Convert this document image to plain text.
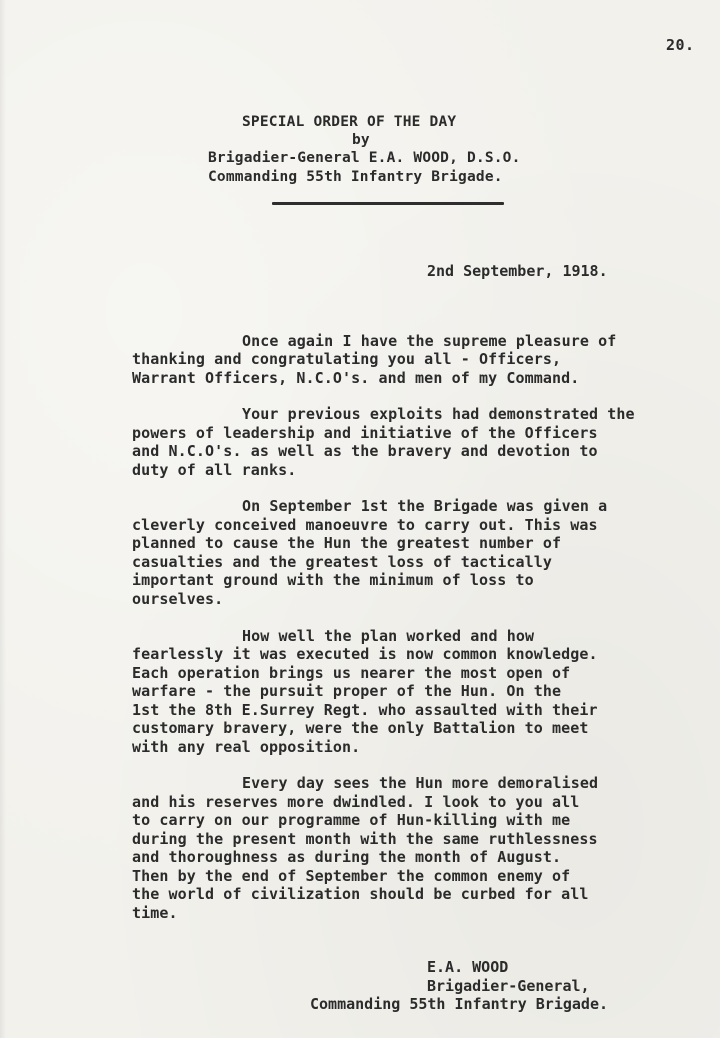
20.
SPECIAL ORDER OF THE DAY
by
Brigadier-General E.A. WOOD, D.S.O.
Commanding 55th Infantry Brigade.
2nd September, 1918.
Once again I have the supreme pleasure of
thanking and congratulating you all - Officers,
Warrant Officers, N.C.O's. and men of my Command.
Your previous exploits had demonstrated the
powers of leadership and initiative of the Officers
and N.C.O's. as well as the bravery and devotion to
duty of all ranks.
On September 1st the Brigade was given a
cleverly conceived manoeuvre to carry out. This was
planned to cause the Hun the greatest number of
casualties and the greatest loss of tactically
important ground with the minimum of loss to
ourselves.
How well the plan worked and how
fearlessly it was executed is now common knowledge.
Each operation brings us nearer the most open of
warfare - the pursuit proper of the Hun. On the
1st the 8th E.Surrey Regt. who assaulted with their
customary bravery, were the only Battalion to meet
with any real opposition.
Every day sees the Hun more demoralised
and his reserves more dwindled. I look to you all
to carry on our programme of Hun-killing with me
during the present month with the same ruthlessness
and thoroughness as during the month of August.
Then by the end of September the common enemy of
the world of civilization should be curbed for all
time.
E.A. WOOD
Brigadier-General,
Commanding 55th Infantry Brigade.
